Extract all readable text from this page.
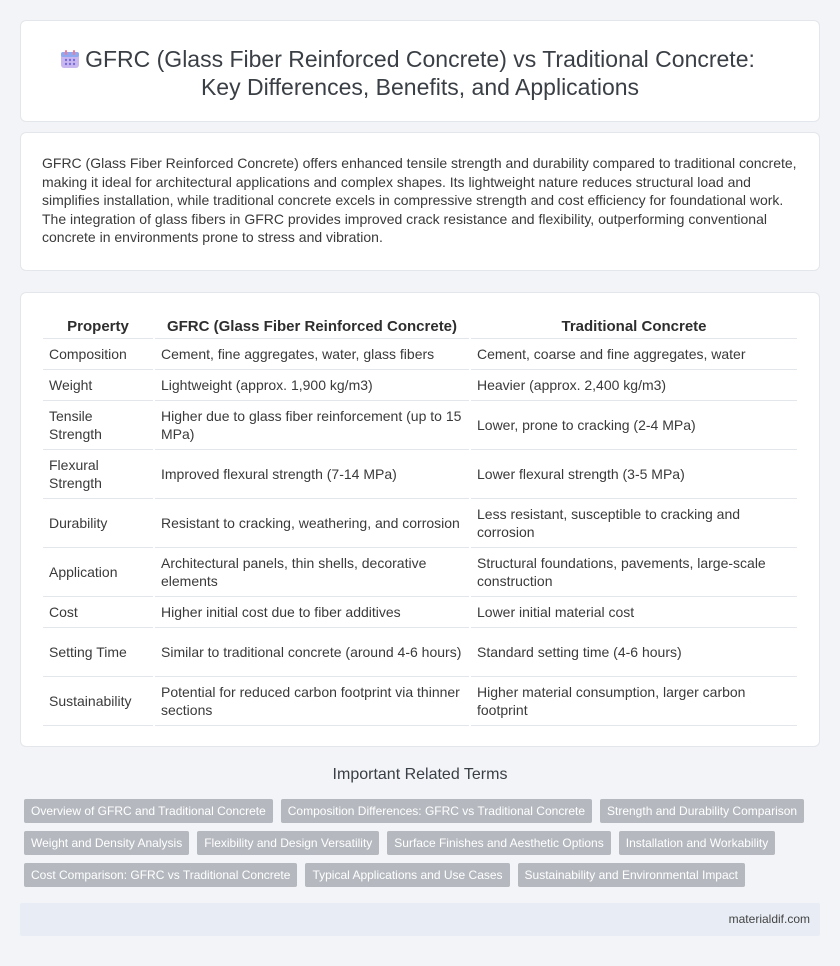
GFRC (Glass Fiber Reinforced Concrete) vs Traditional Concrete:
Key Differences, Benefits, and Applications

GFRC (Glass Fiber Reinforced Concrete) offers enhanced tensile strength and durability compared to traditional concrete, making it ideal for architectural applications and complex shapes. Its lightweight nature reduces structural load and simplifies installation, while traditional concrete excels in compressive strength and cost efficiency for foundational work. The integration of glass fibers in GFRC provides improved crack resistance and flexibility, outperforming conventional concrete in environments prone to stress and vibration.

Property	GFRC (Glass Fiber Reinforced Concrete)	Traditional Concrete
Composition	Cement, fine aggregates, water, glass fibers	Cement, coarse and fine aggregates, water
Weight	Lightweight (approx. 1,900 kg/m3)	Heavier (approx. 2,400 kg/m3)
Tensile Strength	Higher due to glass fiber reinforcement (up to 15 MPa)	Lower, prone to cracking (2-4 MPa)
Flexural Strength	Improved flexural strength (7-14 MPa)	Lower flexural strength (3-5 MPa)
Durability	Resistant to cracking, weathering, and corrosion	Less resistant, susceptible to cracking and corrosion
Application	Architectural panels, thin shells, decorative elements	Structural foundations, pavements, large-scale construction
Cost	Higher initial cost due to fiber additives	Lower initial material cost
Setting Time	Similar to traditional concrete (around 4-6 hours)	Standard setting time (4-6 hours)
Sustainability	Potential for reduced carbon footprint via thinner sections	Higher material consumption, larger carbon footprint
Important Related Terms
Overview of GFRC and Traditional Concrete	Composition Differences: GFRC vs Traditional Concrete	Strength and Durability Comparison
Weight and Density Analysis	Flexibility and Design Versatility	Surface Finishes and Aesthetic Options	Installation and Workability
Cost Comparison: GFRC vs Traditional Concrete	Typical Applications and Use Cases	Sustainability and Environmental Impact
materialdif.com
